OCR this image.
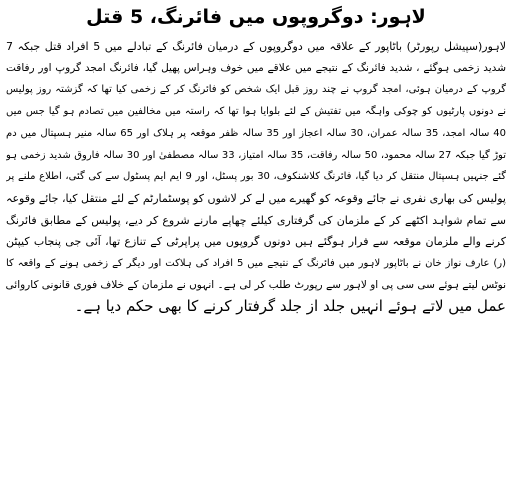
لاہور: دوگروپوں میں فائرنگ، 5 قتل
لاہور(سپیشل رپورٹر) باٹاپور کے علاقہ میں دوگروپوں کے درمیان فائرنگ کے تبادلے میں 5 افراد قتل جبکہ 7
شدید زخمی ہوگئے ، شدید فائرنگ کے نتیجے میں علاقے میں خوف وہراس پھیل گیا، فائرنگ امجد گروپ اور رفاقت
گروپ کے درمیان ہوئی، امجد گروپ نے چند روز قبل ایک شخص کو فائرنگ کر کے زخمی کیا تھا کہ گزشتہ روز پولیس
نے دونوں پارٹیوں کو چوکی واہگہ میں تفتیش کے لئے بلوایا ہوا تھا کہ راستہ میں مخالفین میں تصادم ہو گیا جس میں
40 سالہ امجد، 35 سالہ عمران، 30 سالہ اعجاز اور 35 سالہ ظفر موقعہ پر ہلاک اور 65 سالہ منیر ہسپتال میں دم
توڑ گیا جبکہ 27 سالہ محمود، 50 سالہ رفاقت، 35 سالہ امتیاز، 33 سالہ مصطفیٰ اور 30 سالہ فاروق شدید زخمی ہو
گئے جنہیں ہسپتال منتقل کر دیا گیا، فائرنگ کلاشنکوف، 30 بور پسٹل، اور 9 ایم ایم پسٹول سے کی گئی، اطلاع ملنے پر
پولیس کی بھاری نفری نے جائے وقوعہ کو گھیرے میں لے کر لاشوں کو پوسٹمارٹم کے لئے منتقل کیا، جائے وقوعہ
سے تمام شواہد اکٹھے کر کے ملزمان کی گرفتاری کیلئے چھاپے مارنے شروع کر دیے، پولیس کے مطابق فائرنگ
کرنے والے ملزمان موقعہ سے فرار ہوگئے ہیں دونوں گروپوں میں پراپرٹی کے تنازع تھا، آئی جی پنجاب کیپٹن
(ر) عارف نواز خان نے باٹاپور لاہور میں فائرنگ کے نتیجے میں 5 افراد کی ہلاکت اور دیگر کے زخمی ہونے کے واقعہ کا
نوٹس لیتے ہوئے سی سی پی او لاہور سے رپورٹ طلب کر لی ہے۔ انہوں نے ملزمان کے خلاف فوری قانونی کاروائی
عمل میں لاتے ہوئے انہیں جلد از جلد گرفتار کرنے کا بھی حکم دیا ہے۔
